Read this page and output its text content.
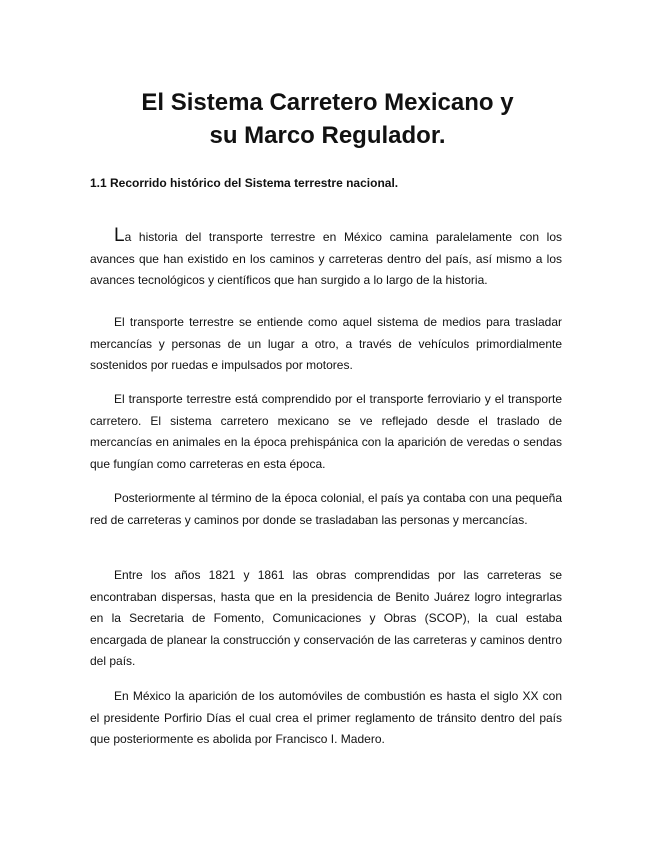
El Sistema Carretero Mexicano y
su Marco Regulador.
1.1 Recorrido histórico del Sistema terrestre nacional.

La historia del transporte terrestre en México camina paralelamente con los avances que han existido en los caminos y carreteras dentro del país, así mismo a los avances tecnológicos y científicos que han surgido a lo largo de la historia.

El transporte terrestre se entiende como aquel sistema de medios para trasladar mercancías y personas de un lugar a otro, a través de vehículos primordialmente sostenidos por ruedas e impulsados por motores.

El transporte terrestre está comprendido por el transporte ferroviario y el transporte carretero. El sistema carretero mexicano se ve reflejado desde el traslado de mercancías en animales en la época prehispánica con la aparición de veredas o sendas que fungían como carreteras en esta época.

Posteriormente al término de la época colonial, el país ya contaba con una pequeña red de carreteras y caminos por donde se trasladaban las personas y mercancías.

Entre los años 1821 y 1861 las obras comprendidas por las carreteras se encontraban dispersas, hasta que en la presidencia de Benito Juárez logro integrarlas en la Secretaria de Fomento, Comunicaciones y Obras (SCOP), la cual estaba encargada de planear la construcción y conservación de las carreteras y caminos dentro del país.

En México la aparición de los automóviles de combustión es hasta el siglo XX con el presidente Porfirio Días el cual crea el primer reglamento de tránsito dentro del país que posteriormente es abolida por Francisco I. Madero.
